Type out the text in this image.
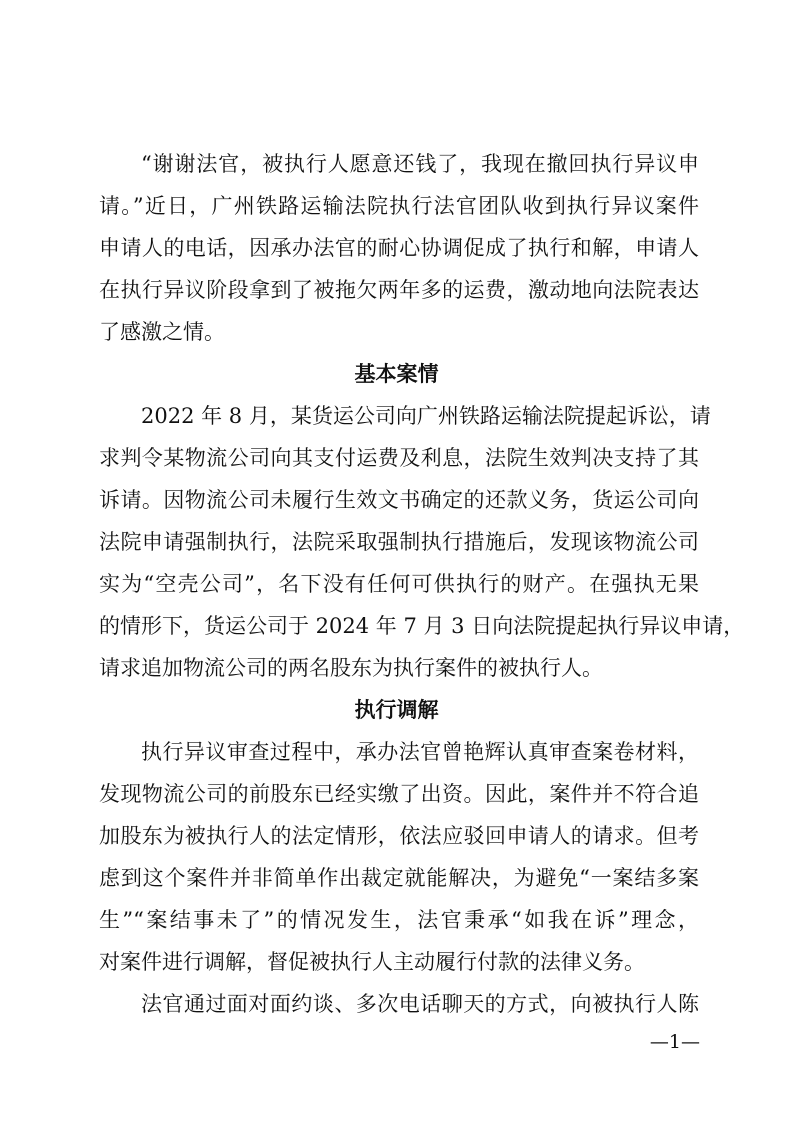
“谢谢法官，被执行人愿意还钱了，我现在撤回执行异议申
请。”近日，广州铁路运输法院执行法官团队收到执行异议案件
申请人的电话，因承办法官的耐心协调促成了执行和解，申请人
在执行异议阶段拿到了被拖欠两年多的运费，激动地向法院表达
了感激之情。
基本案情
2022 年 8 月，某货运公司向广州铁路运输法院提起诉讼，请
求判令某物流公司向其支付运费及利息，法院生效判决支持了其
诉请。因物流公司未履行生效文书确定的还款义务，货运公司向
法院申请强制执行，法院采取强制执行措施后，发现该物流公司
实为“空壳公司”，名下没有任何可供执行的财产。在强执无果
的情形下，货运公司于 2024 年 7 月 3 日向法院提起执行异议申请，
请求追加物流公司的两名股东为执行案件的被执行人。
执行调解
执行异议审查过程中，承办法官曾艳辉认真审查案卷材料，
发现物流公司的前股东已经实缴了出资。因此，案件并不符合追
加股东为被执行人的法定情形，依法应驳回申请人的请求。但考
虑到这个案件并非简单作出裁定就能解决，为避免“一案结多案
生”“案结事未了”的情况发生，法官秉承“如我在诉”理念，
对案件进行调解，督促被执行人主动履行付款的法律义务。
法官通过面对面约谈、多次电话聊天的方式，向被执行人陈
—1—
